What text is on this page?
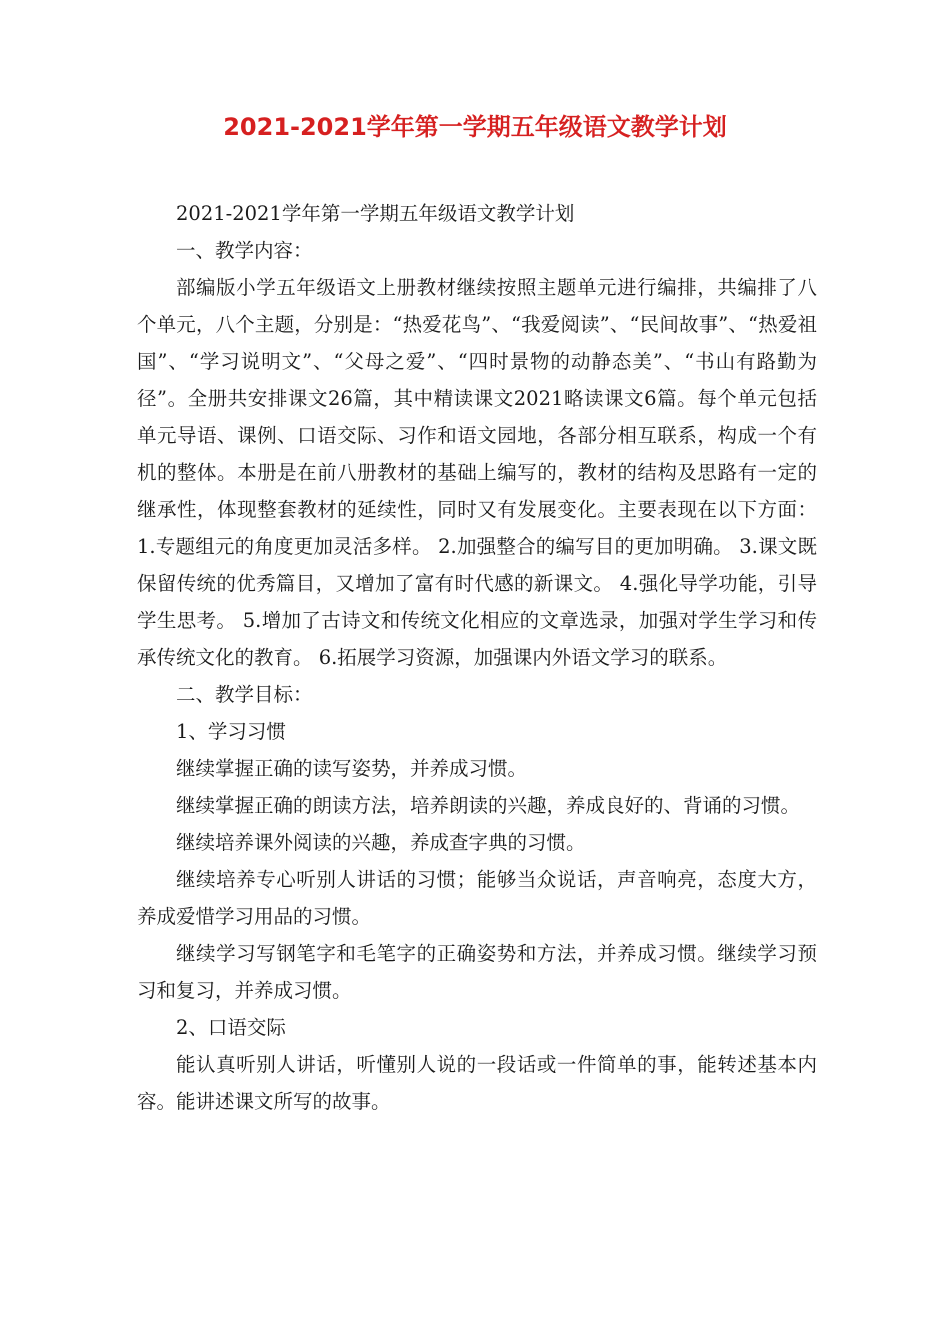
2021-2021学年第一学期五年级语文教学计划

2021-2021学年第一学期五年级语文教学计划

一、教学内容：

部编版小学五年级语文上册教材继续按照主题单元进行编排，共编排了八个单元，八个主题，分别是：“热爱花鸟”、“我爱阅读”、“民间故事”、“热爱祖国”、“学习说明文”、“父母之爱”、“四时景物的动静态美”、“书山有路勤为径”。全册共安排课文26篇，其中精读课文2021略读课文6篇。每个单元包括单元导语、课例、口语交际、习作和语文园地，各部分相互联系，构成一个有机的整体。本册是在前八册教材的基础上编写的，教材的结构及思路有一定的继承性，体现整套教材的延续性，同时又有发展变化。主要表现在以下方面：1.专题组元的角度更加灵活多样。 2.加强整合的编写目的更加明确。 3.课文既保留传统的优秀篇目，又增加了富有时代感的新课文。 4.强化导学功能，引导学生思考。 5.增加了古诗文和传统文化相应的文章选录，加强对学生学习和传承传统文化的教育。 6.拓展学习资源，加强课内外语文学习的联系。

二、教学目标：

1、学习习惯

继续掌握正确的读写姿势，并养成习惯。

继续掌握正确的朗读方法，培养朗读的兴趣，养成良好的、背诵的习惯。

继续培养课外阅读的兴趣，养成查字典的习惯。

继续培养专心听别人讲话的习惯；能够当众说话，声音响亮，态度大方，养成爱惜学习用品的习惯。

继续学习写钢笔字和毛笔字的正确姿势和方法，并养成习惯。继续学习预习和复习，并养成习惯。

2、口语交际

能认真听别人讲话，听懂别人说的一段话或一件简单的事，能转述基本内容。能讲述课文所写的故事。
